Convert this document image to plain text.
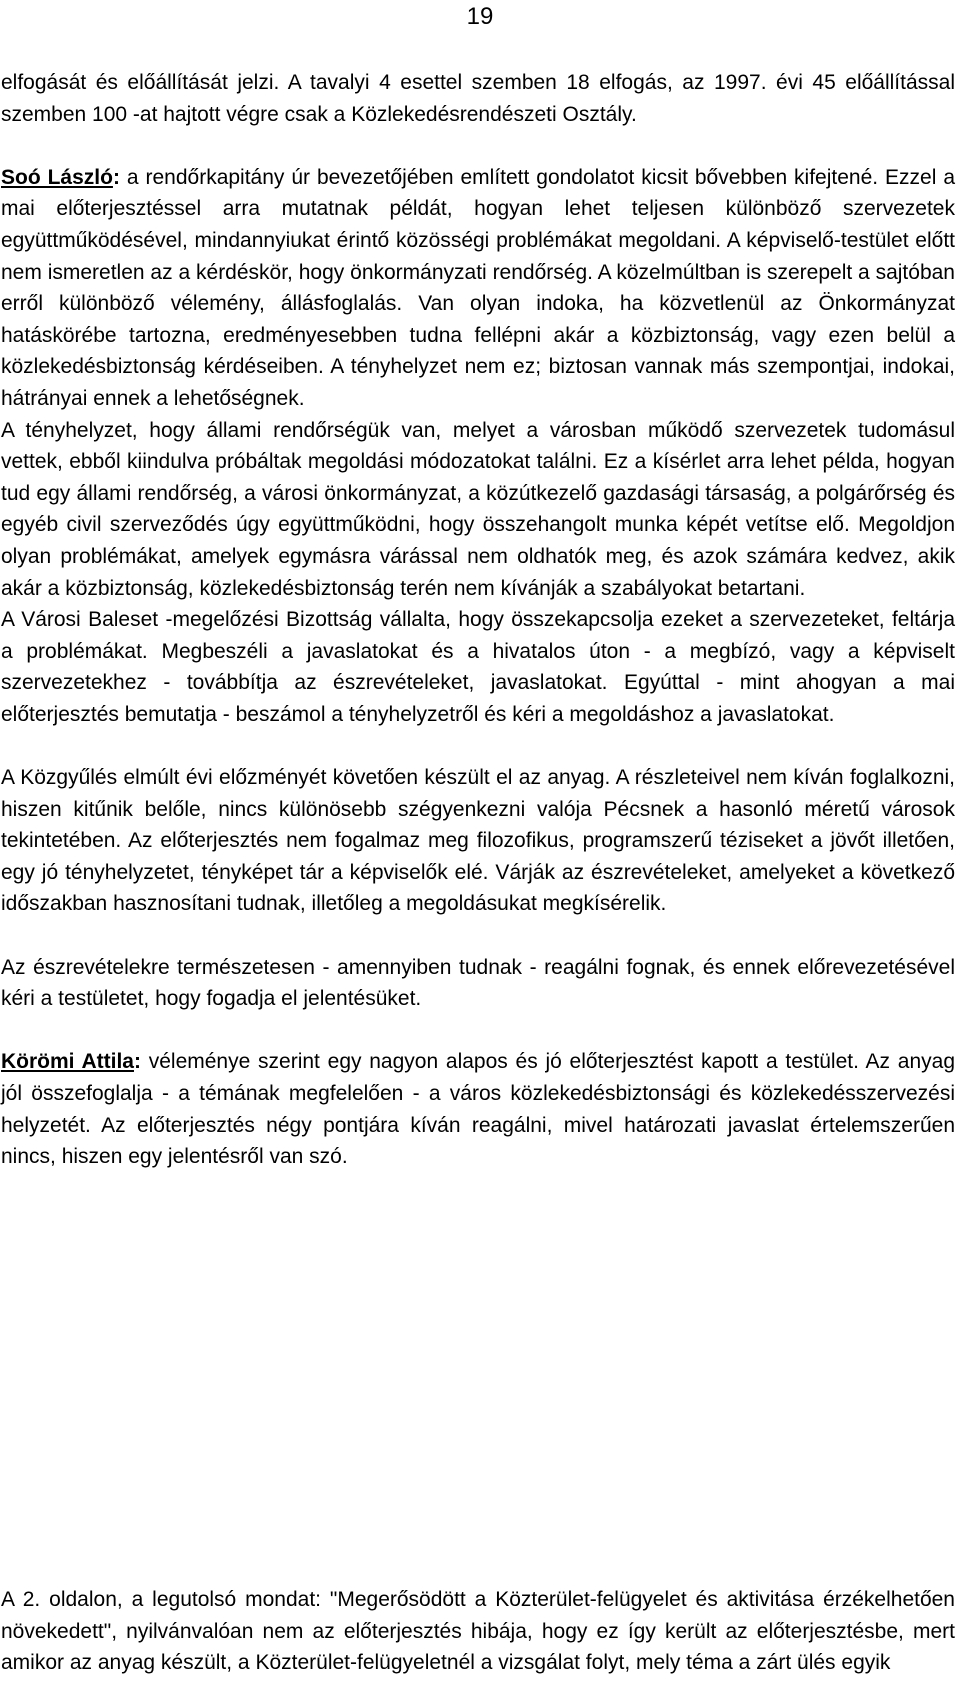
19

elfogását és előállítását jelzi. A tavalyi 4 esettel szemben 18 elfogás, az 1997. évi 45 előállítással szemben 100 -at hajtott végre csak a Közlekedésrendészeti Osztály.

Soó László: a rendőrkapitány úr bevezetőjében említett gondolatot kicsit bővebben kifejtené. Ezzel a mai előterjesztéssel arra mutatnak példát, hogyan lehet teljesen különböző szervezetek együttműködésével, mindannyiukat érintő közösségi problémákat megoldani. A képviselő-testület előtt nem ismeretlen az a kérdéskör, hogy önkormányzati rendőrség. A közelmúltban is szerepelt a sajtóban erről különböző vélemény, állásfoglalás. Van olyan indoka, ha közvetlenül az Önkormányzat hatáskörébe tartozna, eredményesebben tudna fellépni akár a közbiztonság, vagy ezen belül a közlekedésbiztonság kérdéseiben. A tényhelyzet nem ez; biztosan vannak más szempontjai, indokai, hátrányai ennek a lehetőségnek.

A tényhelyzet, hogy állami rendőrségük van, melyet a városban működő szervezetek tudomásul vettek, ebből kiindulva próbáltak megoldási módozatokat találni. Ez a kísérlet arra lehet példa, hogyan tud egy állami rendőrség, a városi önkormányzat, a közútkezelő gazdasági társaság, a polgárőrség és egyéb civil szerveződés úgy együttműködni, hogy összehangolt munka képét vetítse elő. Megoldjon olyan problémákat, amelyek egymásra várással nem oldhatók meg, és azok számára kedvez, akik akár a közbiztonság, közlekedésbiztonság terén nem kívánják a szabályokat betartani.

A Városi Baleset -megelőzési Bizottság vállalta, hogy összekapcsolja ezeket a szervezeteket, feltárja a problémákat. Megbeszéli a javaslatokat és a hivatalos úton - a megbízó, vagy a képviselt szervezetekhez - továbbítja az észrevételeket, javaslatokat. Egyúttal - mint ahogyan a mai előterjesztés bemutatja - beszámol a tényhelyzetről és kéri a megoldáshoz a javaslatokat.

A Közgyűlés elmúlt évi előzményét követően készült el az anyag. A részleteivel nem kíván foglalkozni, hiszen kitűnik belőle, nincs különösebb szégyenkezni valója Pécsnek a hasonló méretű városok tekintetében. Az előterjesztés nem fogalmaz meg filozofikus, programszerű téziseket a jövőt illetően, egy jó tényhelyzetet, tényképet tár a képviselők elé. Várják az észrevételeket, amelyeket a következő időszakban hasznosítani tudnak, illetőleg a megoldásukat megkísérelik.

Az észrevételekre természetesen - amennyiben tudnak - reagálni fognak, és ennek előrevezetésével kéri a testületet, hogy fogadja el jelentésüket.

Körömi Attila: véleménye szerint egy nagyon alapos és jó előterjesztést kapott a testület. Az anyag jól összefoglalja - a témának megfelelően - a város közlekedésbiztonsági és közlekedésszervezési helyzetét. Az előterjesztés négy pontjára kíván reagálni, mivel határozati javaslat értelemszerűen nincs, hiszen egy jelentésről van szó.

A 2. oldalon, a legutolsó mondat: "Megerősödött a Közterület-felügyelet és aktivitása érzékelhetően növekedett", nyilvánvalóan nem az előterjesztés hibája, hogy ez így került az előterjesztésbe, mert amikor az anyag készült, a Közterület-felügyeletnél a vizsgálat folyt, mely téma a zárt ülés egyik
